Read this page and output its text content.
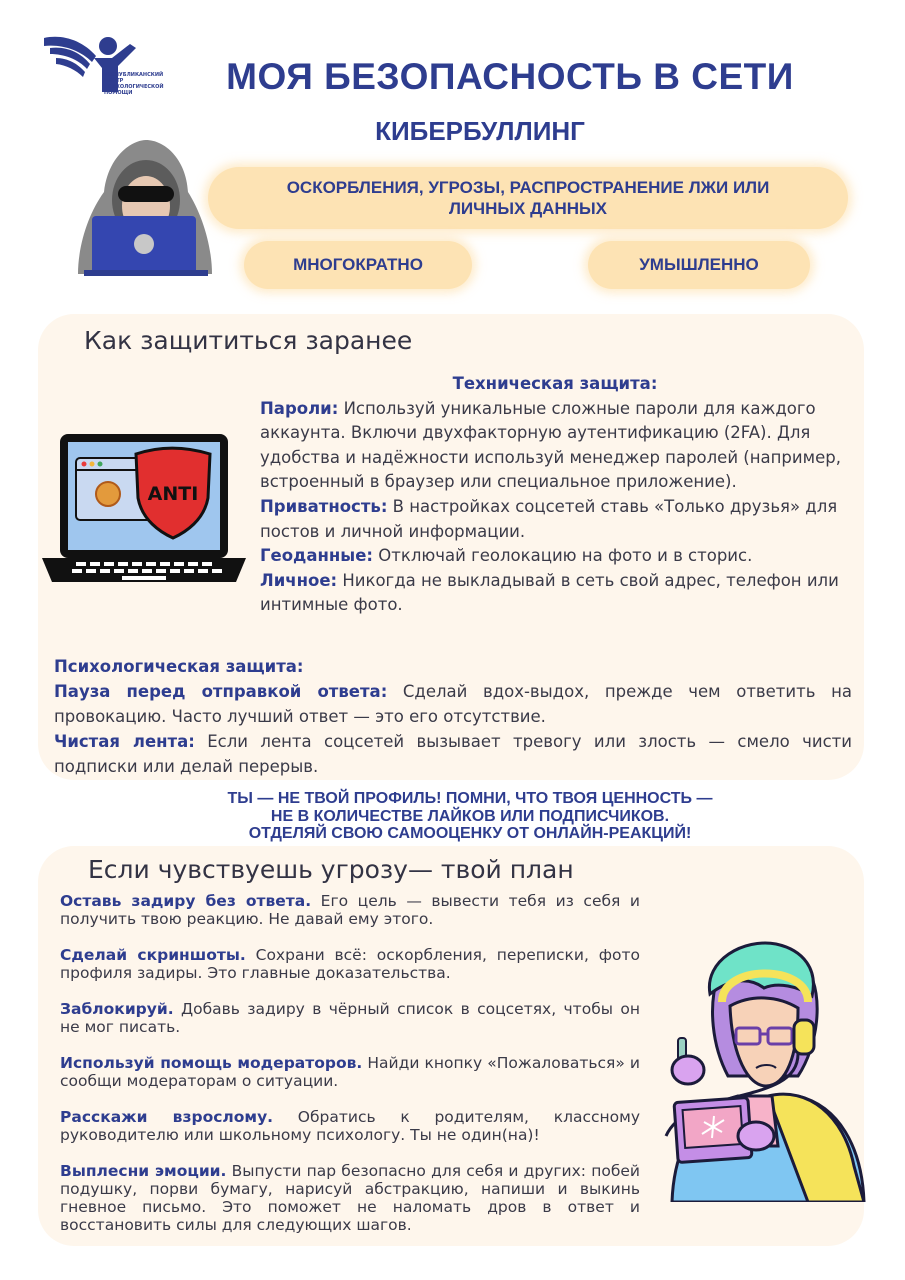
РЕСПУБЛИКАНСКИЙ ЦЕНТР ПСИХОЛОГИЧЕСКОЙ ПОМОЩИ	МОЯ БЕЗОПАСНОСТЬ В СЕТИ
КИБЕРБУЛЛИНГ
ОСКОРБЛЕНИЯ, УГРОЗЫ, РАСПРОСТРАНЕНИЕ ЛЖИ ИЛИ ЛИЧНЫХ ДАННЫХ
МНОГОКРАТНО	УМЫШЛЕННО
Как защититься заранее
ANTI
Техническая защита:
Пароли: Используй уникальные сложные пароли для каждого аккаунта. Включи двухфакторную аутентификацию (2FA). Для удобства и надёжности используй менеджер паролей (например, встроенный в браузер или специальное приложение).
Приватность: В настройках соцсетей ставь «Только друзья» для постов и личной информации.
Геоданные: Отключай геолокацию на фото и в сторис.
Личное: Никогда не выкладывай в сеть свой адрес, телефон или интимные фото.
Психологическая защита:
Пауза перед отправкой ответа: Сделай вдох-выдох, прежде чем ответить на провокацию. Часто лучший ответ — это его отсутствие.
Чистая лента: Если лента соцсетей вызывает тревогу или злость — смело чисти подписки или делай перерыв.
ТЫ — НЕ ТВОЙ ПРОФИЛЬ! ПОМНИ, ЧТО ТВОЯ ЦЕННОСТЬ —
НЕ В КОЛИЧЕСТВЕ ЛАЙКОВ ИЛИ ПОДПИСЧИКОВ.
ОТДЕЛЯЙ СВОЮ САМООЦЕНКУ ОТ ОНЛАЙН-РЕАКЦИЙ!
Если чувствуешь угрозу— твой план

Оставь задиру без ответа. Его цель — вывести тебя из себя и получить твою реакцию. Не давай ему этого.

Сделай скриншоты. Сохрани всё: оскорбления, переписки, фото профиля задиры. Это главные доказательства.

Заблокируй. Добавь задиру в чёрный список в соцсетях, чтобы он не мог писать.

Используй помощь модераторов. Найди кнопку «Пожаловаться» и сообщи модераторам о ситуации.

Расскажи взрослому. Обратись к родителям, классному руководителю или школьному психологу. Ты не один(на)!

Выплесни эмоции. Выпусти пар безопасно для себя и других: побей подушку, порви бумагу, нарисуй абстракцию, напиши и выкинь гневное письмо. Это поможет не наломать дров в ответ и восстановить силы для следующих шагов.
